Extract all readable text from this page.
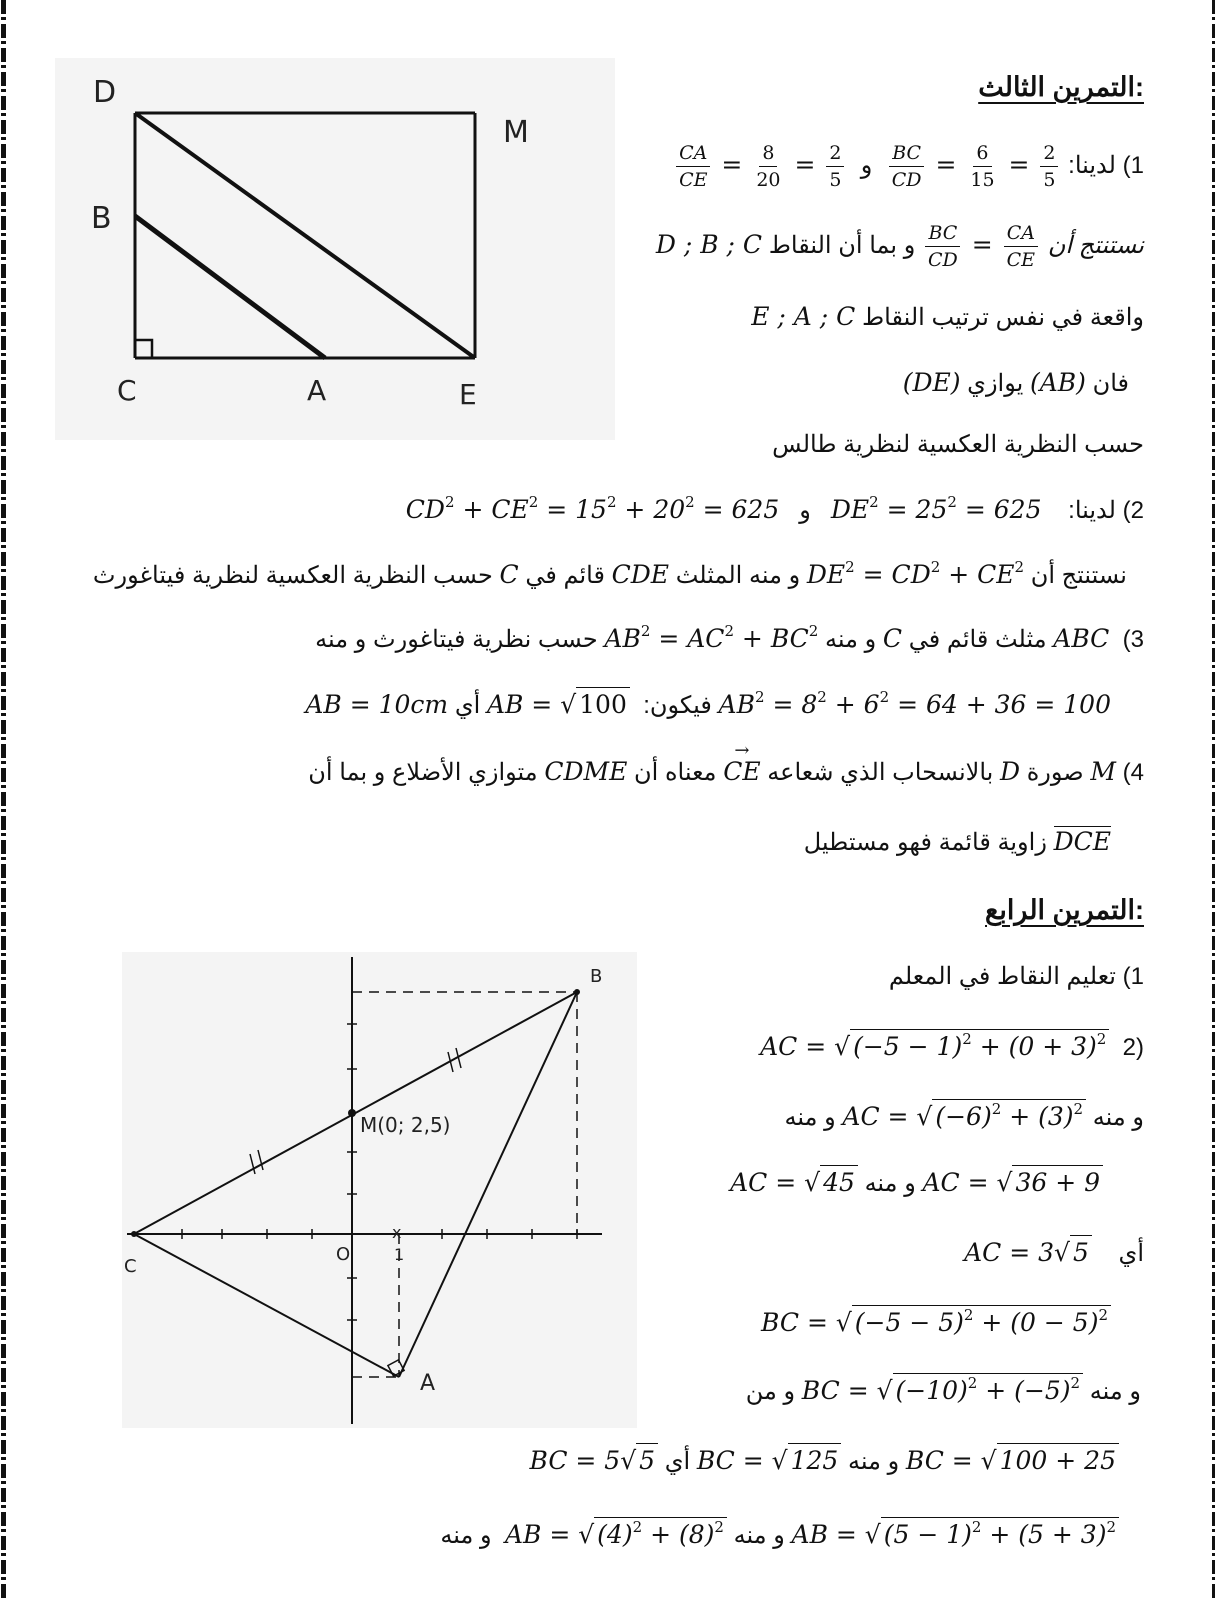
D
M
B
C	A	E
التمرين الثالث:
1) لدينا:
$\frac{BC}{CD} = \frac{6}{15} = \frac{2}{5}$
و
$\frac{CA}{CE} = \frac{8}{20} = \frac{2}{5}$
نستنتج أن
$\frac{BC}{CD} = \frac{CA}{CE}$
و بما أن النقاط D ; B ; C
واقعة في نفس ترتيب النقاط E ; A ; C
فان (AB) يوازي (DE)
حسب النظرية العكسية لنظرية طالس
2) لدينا:    $DE^2 = 25^2 = 625$   و   $CD^2 + CE^2 = 15^2 + 20^2 = 625$
نستنتج أن $DE^2 = CD^2 + CE^2$ و منه المثلث CDE قائم في C حسب النظرية العكسية لنظرية فيتاغورث
3)  ABC مثلث قائم في C و منه $AB^2 = AC^2 + BC^2$ حسب نظرية فيتاغورث و منه
$AB^2 = 8^2 + 6^2 = 64 + 36 = 100$ فيكون:  AB = √ 100 أي AB = 10cm
4) M صورة D بالانسحاب الذي شعاعه → CE معناه أن CDME متوازي الأضلاع و بما أن
DCE زاوية قائمة فهو مستطيل
التمرين الرابع:
1) تعليم النقاط في المعلم
(2  AC = √ $(-5 - 1)^2 + (0 + 3)^2$
و منه AC = √ $(-6)^2 + (3)^2$ و منه
AC = √ 36 + 9 و منه AC = √ 45
أي    AC = 3√ 5
BC = √ $(-5 - 5)^2 + (0 - 5)^2$
و منه BC = √ $(-10)^2 + (-5)^2$ و من
BC = √ 100 + 25 و منه BC = √ 125 أي BC = 5√ 5
AB = √ $(5 - 1)^2 + (5 + 3)^2$ و منه AB = √ $(4)^2 + (8)^2$  و منه
B
C
O	1
x
A
M(0; 2,5)
